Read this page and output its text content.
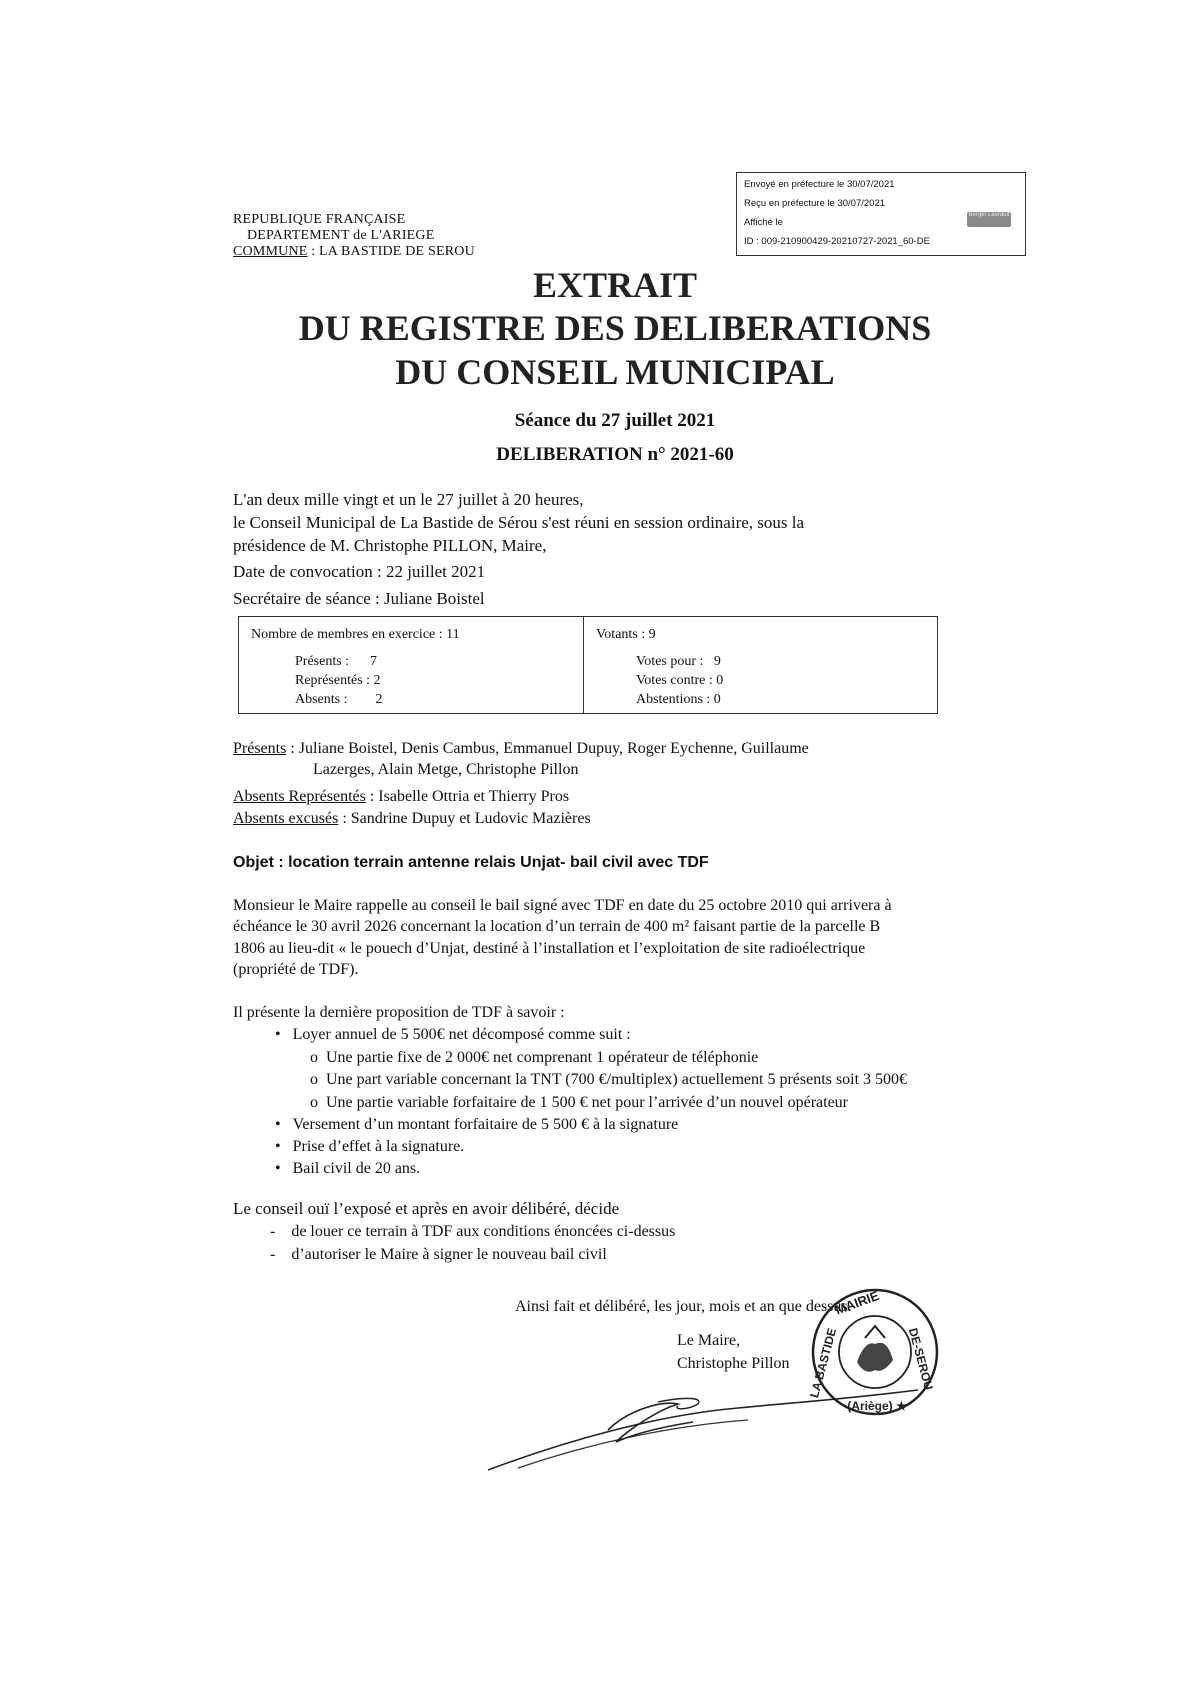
REPUBLIQUE FRANÇAISE
DEPARTEMENT de L'ARIEGE
COMMUNE : LA BASTIDE DE SEROU
Envoyé en préfecture le 30/07/2021
Reçu en préfecture le 30/07/2021
Affiché le
ID : 009-210900429-20210727-2021_60-DE
Berger Levrault
EXTRAIT
DU REGISTRE DES DELIBERATIONS
DU CONSEIL MUNICIPAL
Séance du 27 juillet 2021
DELIBERATION n° 2021-60
L'an deux mille vingt et un le 27 juillet à 20 heures,
le Conseil Municipal de La Bastide de Sérou s'est réuni en session ordinaire, sous la
présidence de M. Christophe PILLON, Maire,
Date de convocation : 22 juillet 2021
Secrétaire de séance : Juliane Boistel
Nombre de membres en exercice : 11
Présents :      7
Représentés : 2
Absents :        2

Votants : 9
Votes pour :   9
Votes contre : 0
Abstentions : 0
Présents : Juliane Boistel, Denis Cambus, Emmanuel Dupuy, Roger Eychenne, Guillaume
Lazerges, Alain Metge, Christophe Pillon
Absents Représentés : Isabelle Ottria et Thierry Pros
Absents excusés : Sandrine Dupuy et Ludovic Mazières
Objet : location terrain antenne relais Unjat- bail civil avec TDF
Monsieur le Maire rappelle au conseil le bail signé avec TDF en date du 25 octobre 2010 qui arrivera à
échéance le 30 avril 2026 concernant la location d’un terrain de 400 m² faisant partie de la parcelle B
1806 au lieu-dit « le pouech d’Unjat, destiné à l’installation et l’exploitation de site radioélectrique
(propriété de TDF).
Il présente la dernière proposition de TDF à savoir :
•   Loyer annuel de 5 500€ net décomposé comme suit :
o  Une partie fixe de 2 000€ net comprenant 1 opérateur de téléphonie
o  Une part variable concernant la TNT (700 €/multiplex) actuellement 5 présents soit 3 500€
o  Une partie variable forfaitaire de 1 500 € net pour l’arrivée d’un nouvel opérateur
•   Versement d’un montant forfaitaire de 5 500 € à la signature
•   Prise d’effet à la signature.
•   Bail civil de 20 ans.
Le conseil ouï l’exposé et après en avoir délibéré, décide
-    de louer ce terrain à TDF aux conditions énoncées ci-dessus
-    d’autoriser le Maire à signer le nouveau bail civil
Ainsi fait et délibéré, les jour, mois et an que dessus.
Le Maire,
Christophe Pillon
MAIRIE
DE-SEROU
(Ariège) ★
LA BASTIDE
